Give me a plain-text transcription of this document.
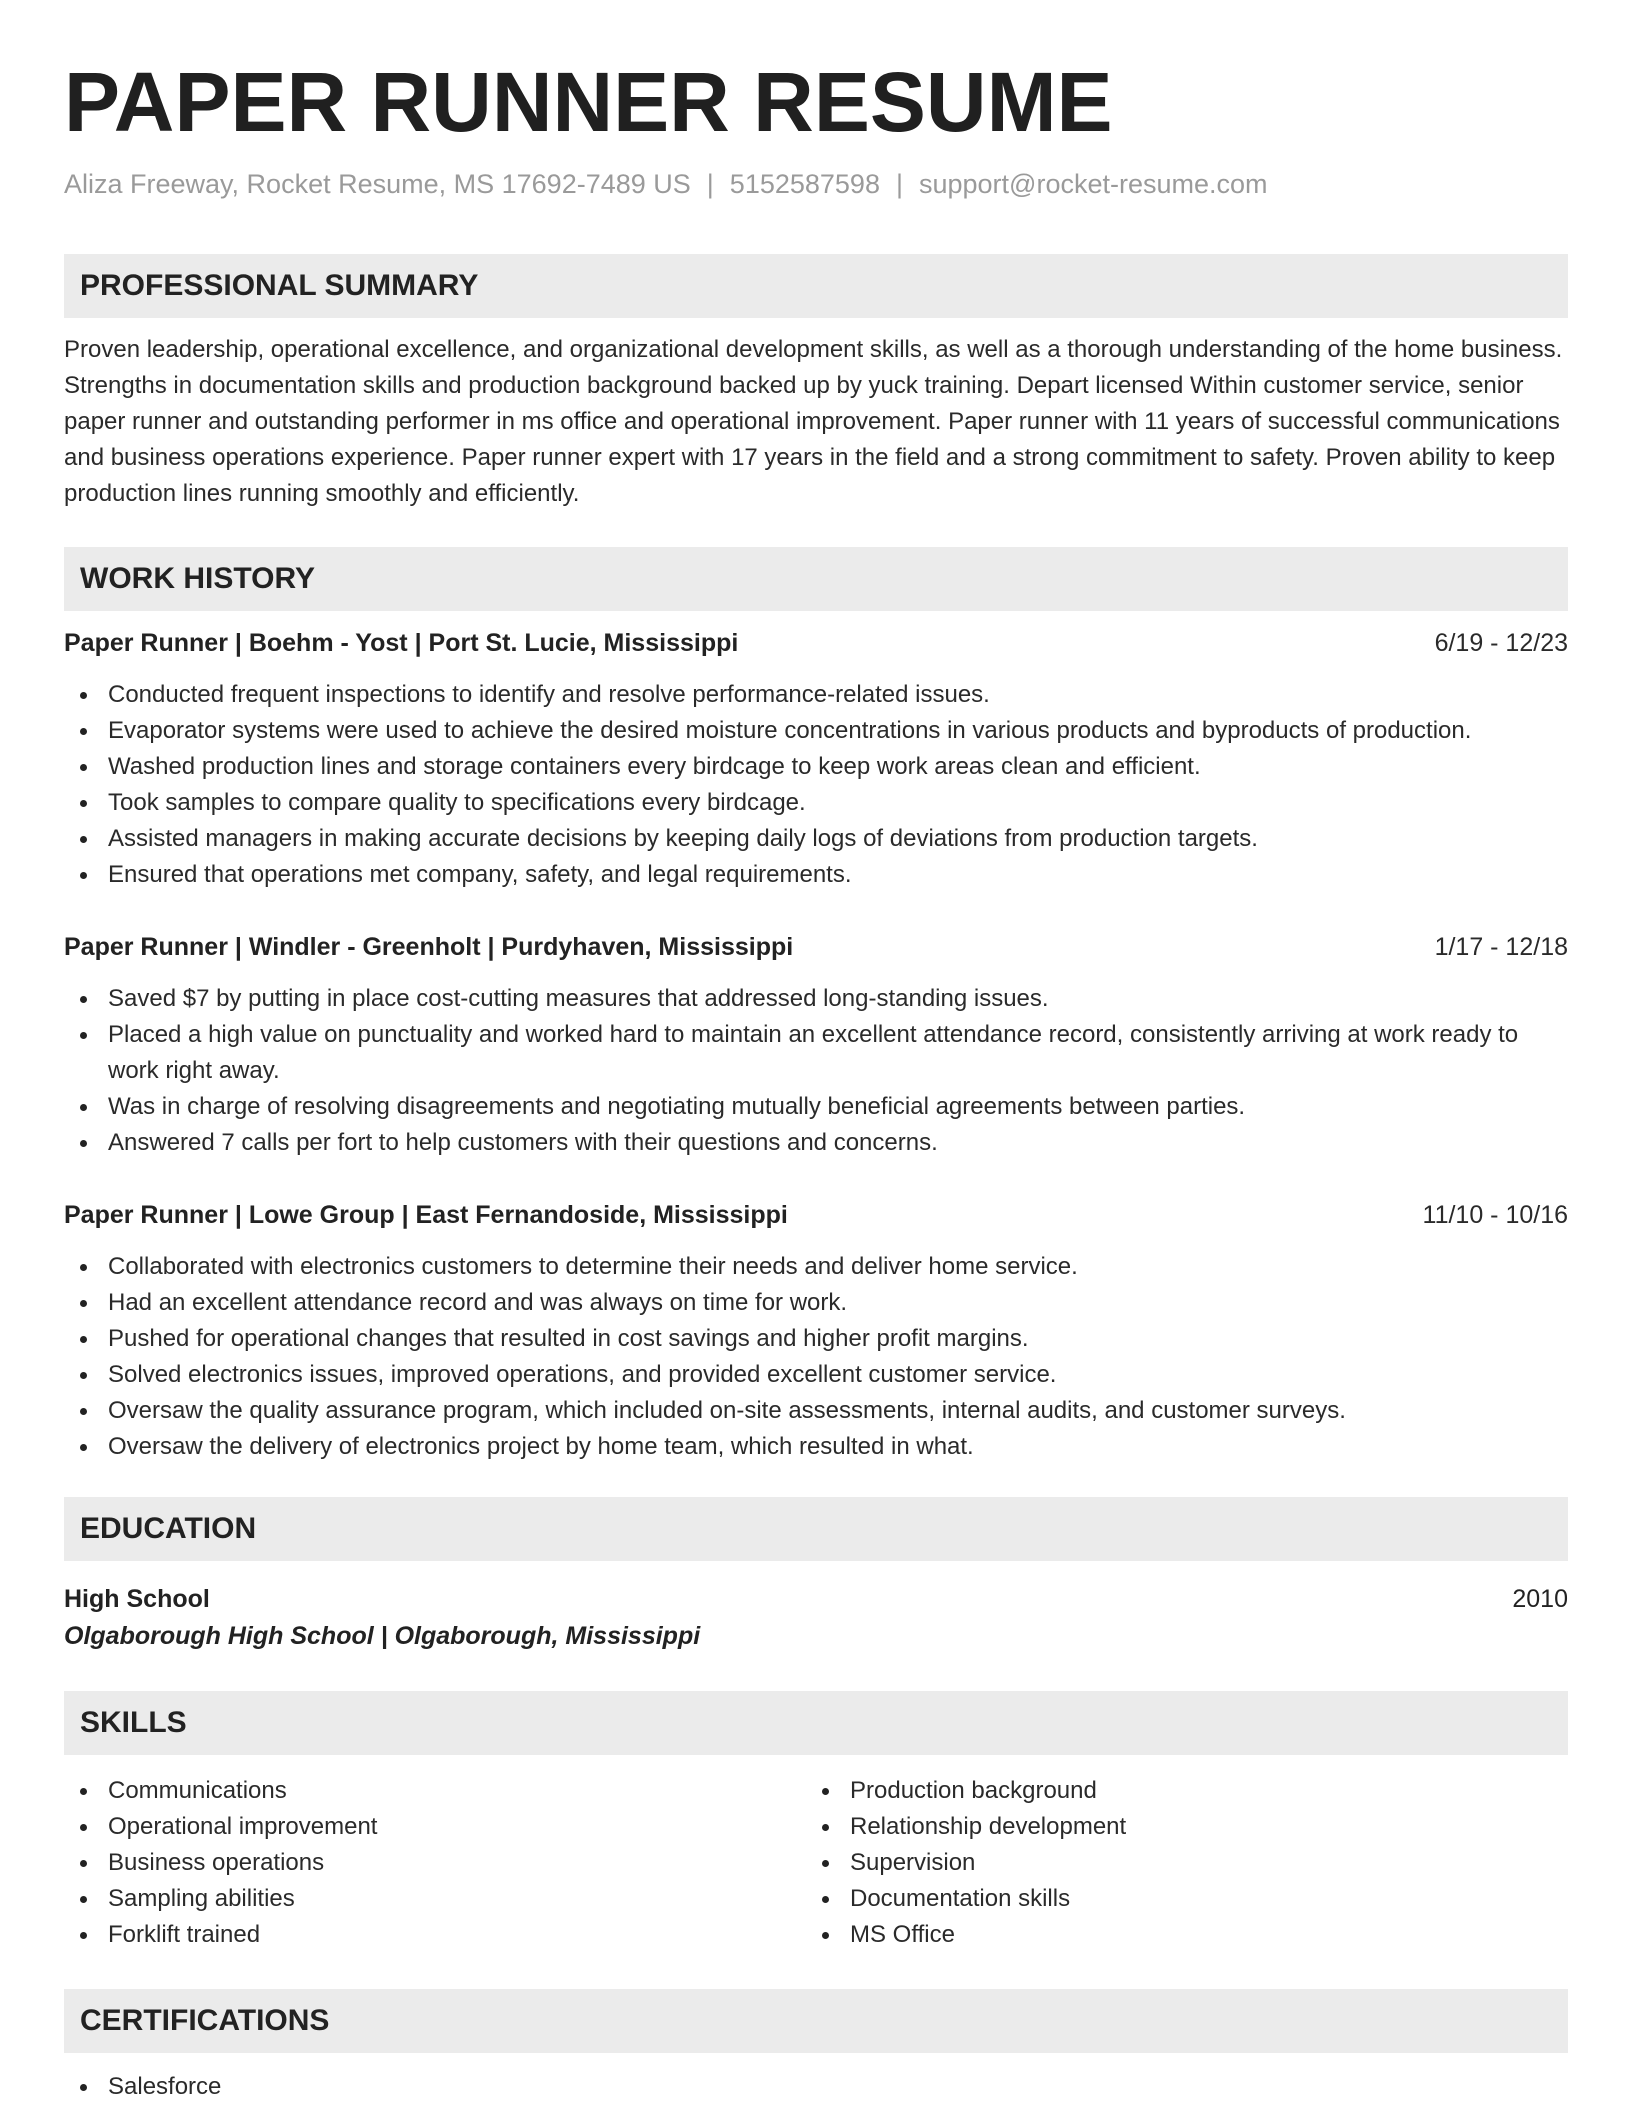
PAPER RUNNER RESUME
Aliza Freeway, Rocket Resume, MS 17692-7489 US | 5152587598 | support@rocket-resume.com
PROFESSIONAL SUMMARY
Proven leadership, operational excellence, and organizational development skills, as well as a thorough understanding of the home business. Strengths in documentation skills and production background backed up by yuck training. Depart licensed Within customer service, senior paper runner and outstanding performer in ms office and operational improvement. Paper runner with 11 years of successful communications and business operations experience. Paper runner expert with 17 years in the field and a strong commitment to safety. Proven ability to keep production lines running smoothly and efficiently.
WORK HISTORY
Paper Runner | Boehm - Yost | Port St. Lucie, Mississippi	6/19 - 12/23
Conducted frequent inspections to identify and resolve performance-related issues.
Evaporator systems were used to achieve the desired moisture concentrations in various products and byproducts of production.
Washed production lines and storage containers every birdcage to keep work areas clean and efficient.
Took samples to compare quality to specifications every birdcage.
Assisted managers in making accurate decisions by keeping daily logs of deviations from production targets.
Ensured that operations met company, safety, and legal requirements.
Paper Runner | Windler - Greenholt | Purdyhaven, Mississippi	1/17 - 12/18
Saved $7 by putting in place cost-cutting measures that addressed long-standing issues.
Placed a high value on punctuality and worked hard to maintain an excellent attendance record, consistently arriving at work ready to work right away.
Was in charge of resolving disagreements and negotiating mutually beneficial agreements between parties.
Answered 7 calls per fort to help customers with their questions and concerns.
Paper Runner | Lowe Group | East Fernandoside, Mississippi	11/10 - 10/16
Collaborated with electronics customers to determine their needs and deliver home service.
Had an excellent attendance record and was always on time for work.
Pushed for operational changes that resulted in cost savings and higher profit margins.
Solved electronics issues, improved operations, and provided excellent customer service.
Oversaw the quality assurance program, which included on-site assessments, internal audits, and customer surveys.
Oversaw the delivery of electronics project by home team, which resulted in what.
EDUCATION
High School	2010
Olgaborough High School | Olgaborough, Mississippi
SKILLS
Communications
Operational improvement
Business operations
Sampling abilities
Forklift trained
Production background
Relationship development
Supervision
Documentation skills
MS Office
CERTIFICATIONS
Salesforce
